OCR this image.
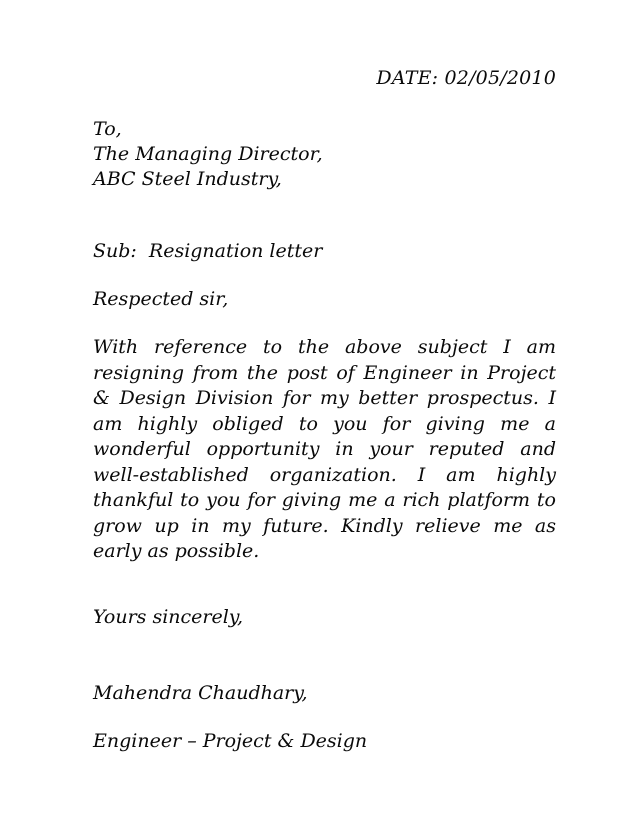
DATE: 02/05/2010
To,
The Managing Director,
ABC Steel Industry,
Sub:  Resignation letter
Respected sir,
With reference to the above subject I am resigning from the post of Engineer in Project & Design Division for my better prospectus. I am highly obliged to you for giving me a wonderful opportunity in your reputed and well-established organization. I am highly thankful to you for giving me a rich platform to grow up in my future. Kindly relieve me as early as possible.
Yours sincerely,
Mahendra Chaudhary,
Engineer – Project & Design
